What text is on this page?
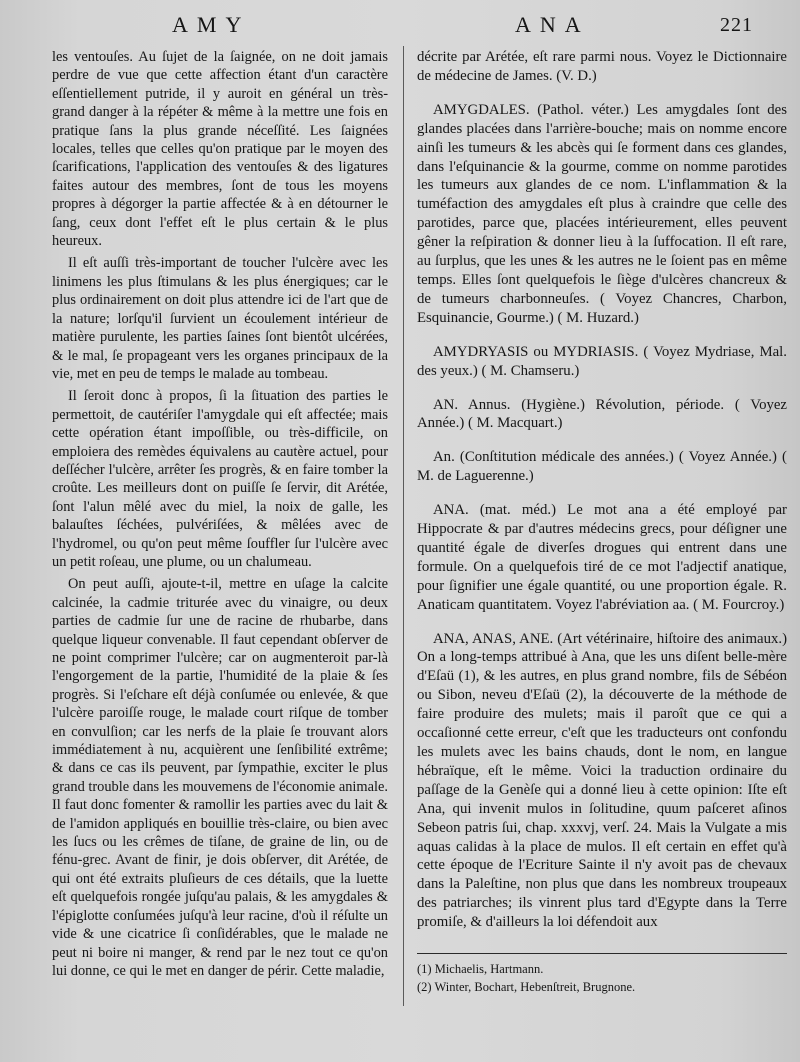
AMY	ANA	221

les ventouſes. Au ſujet de la ſaignée, on ne doit jamais perdre de vue que cette affection étant d'un caractère eſſentiellement putride, il y auroit en général un très-grand danger à la répéter & même à la mettre une fois en pratique ſans la plus grande néceſſité. Les ſaignées locales, telles que celles qu'on pratique par le moyen des ſcarifications, l'application des ventouſes & des ligatures faites autour des membres, ſont de tous les moyens propres à dégorger la partie affectée & à en détourner le ſang, ceux dont l'effet eſt le plus certain & le plus heureux.

Il eſt auſſi très-important de toucher l'ulcère avec les linimens les plus ſtimulans & les plus énergiques; car le plus ordinairement on doit plus attendre ici de l'art que de la nature; lorſqu'il ſurvient un écoulement intérieur de matière purulente, les parties ſaines ſont bientôt ulcérées, & le mal, ſe propageant vers les organes principaux de la vie, met en peu de temps le malade au tombeau.

Il ſeroit donc à propos, ſi la ſituation des parties le permettoit, de cautériſer l'amygdale qui eſt affectée; mais cette opération étant impoſſible, ou très-difficile, on emploiera des remèdes équivalens au cautère actuel, pour deſſécher l'ulcère, arrêter ſes progrès, & en faire tomber la croûte. Les meilleurs dont on puiſſe ſe ſervir, dit Arétée, ſont l'alun mêlé avec du miel, la noix de galle, les balauſtes ſéchées, pulvériſées, & mêlées avec de l'hydromel, ou qu'on peut même ſouffler ſur l'ulcère avec un petit roſeau, une plume, ou un chalumeau.

On peut auſſi, ajoute-t-il, mettre en uſage la calcite calcinée, la cadmie triturée avec du vinaigre, ou deux parties de cadmie ſur une de racine de rhubarbe, dans quelque liqueur convenable. Il faut cependant obſerver de ne point comprimer l'ulcère; car on augmenteroit par-là l'engorgement de la partie, l'humidité de la plaie & ſes progrès. Si l'eſchare eſt déjà conſumée ou enlevée, & que l'ulcère paroiſſe rouge, le malade court riſque de tomber en convulſion; car les nerfs de la plaie ſe trouvant alors immédiatement à nu, acquièrent une ſenſibilité extrême; & dans ce cas ils peuvent, par ſympathie, exciter le plus grand trouble dans les mouvemens de l'économie animale. Il faut donc fomenter & ramollir les parties avec du lait & de l'amidon appliqués en bouillie très-claire, ou bien avec les ſucs ou les crêmes de tiſane, de graine de lin, ou de fénu-grec. Avant de finir, je dois obſerver, dit Arétée, de qui ont été extraits pluſieurs de ces détails, que la luette eſt quelquefois rongée juſqu'au palais, & les amygdales & l'épiglotte conſumées juſqu'à leur racine, d'où il réſulte un vide & une cicatrice ſi conſidérables, que le malade ne peut ni boire ni manger, & rend par le nez tout ce qu'on lui donne, ce qui le met en danger de périr. Cette maladie,

décrite par Arétée, eſt rare parmi nous. Voyez le Dictionnaire de médecine de James. (V. D.)

AMYGDALES. (Pathol. véter.) Les amygdales ſont des glandes placées dans l'arrière-bouche; mais on nomme encore ainſi les tumeurs & les abcès qui ſe forment dans ces glandes, dans l'eſquinancie & la gourme, comme on nomme parotides les tumeurs aux glandes de ce nom. L'inflammation & la tuméfaction des amygdales eſt plus à craindre que celle des parotides, parce que, placées intérieurement, elles peuvent gêner la reſpiration & donner lieu à la ſuffocation. Il eſt rare, au ſurplus, que les unes & les autres ne le ſoient pas en même temps. Elles ſont quelquefois le ſiège d'ulcères chancreux & de tumeurs charbonneuſes. ( Voyez Chancres, Charbon, Esquinancie, Gourme.) ( M. Huzard.)

AMYDRYASIS ou MYDRIASIS. ( Voyez Mydriase, Mal. des yeux.) ( M. Chamseru.)

AN. Annus. (Hygiène.) Révolution, période. ( Voyez Année.) ( M. Macquart.)

An. (Conſtitution médicale des années.) ( Voyez Année.) ( M. de Laguerenne.)

ANA. (mat. méd.) Le mot ana a été employé par Hippocrate & par d'autres médecins grecs, pour déſigner une quantité égale de diverſes drogues qui entrent dans une formule. On a quelquefois tiré de ce mot l'adjectif anatique, pour ſignifier une égale quantité, ou une proportion égale. R. Anaticam quantitatem. Voyez l'abréviation aa. ( M. Fourcroy.)

ANA, ANAS, ANE. (Art vétérinaire, hiſtoire des animaux.) On a long-temps attribué à Ana, que les uns diſent belle-mère d'Eſaü (1), & les autres, en plus grand nombre, fils de Sébéon ou Sibon, neveu d'Eſaü (2), la découverte de la méthode de faire produire des mulets; mais il paroît que ce qui a occaſionné cette erreur, c'eſt que les traducteurs ont confondu les mulets avec les bains chauds, dont le nom, en langue hébraïque, eſt le même. Voici la traduction ordinaire du paſſage de la Genèſe qui a donné lieu à cette opinion: Iſte eſt Ana, qui invenit mulos in ſolitudine, quum paſceret aſinos Sebeon patris ſui, chap. xxxvj, verſ. 24. Mais la Vulgate a mis aquas calidas à la place de mulos. Il eſt certain en effet qu'à cette époque de l'Ecriture Sainte il n'y avoit pas de chevaux dans la Paleſtine, non plus que dans les nombreux troupeaux des patriarches; ils vinrent plus tard d'Egypte dans la Terre promiſe, & d'ailleurs la loi défendoit aux

(1) Michaelis, Hartmann.
(2) Winter, Bochart, Hebenſtreit, Brugnone.
